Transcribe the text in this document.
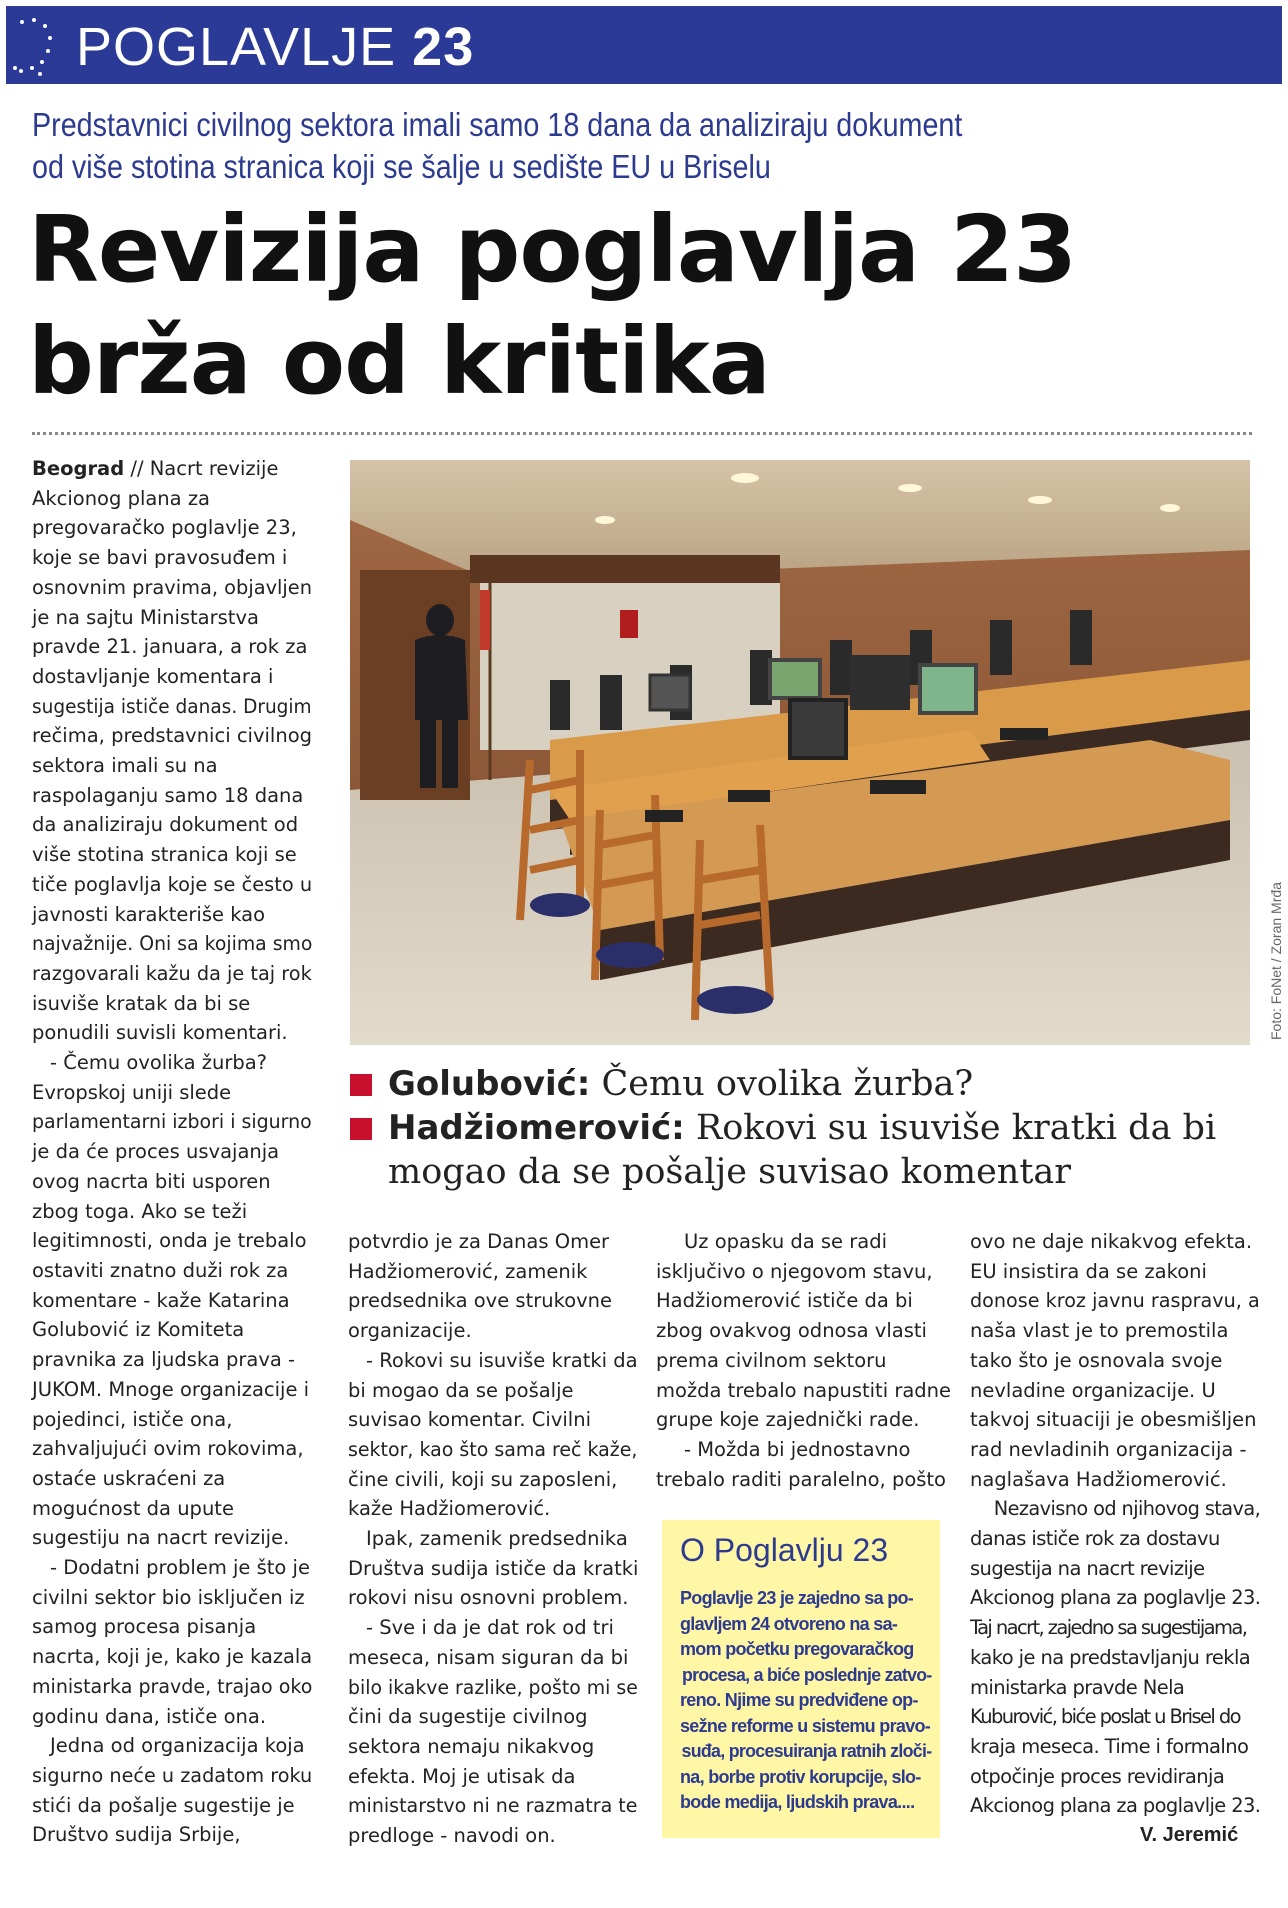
POGLAVLJE 23
Predstavnici civilnog sektora imali samo 18 dana da analiziraju dokument
od više stotina stranica koji se šalje u sedište EU u Briselu
Revizija poglavlja 23
brža od kritika
Beograd // Nacrt revizije
Akcionog plana za
pregovaračko poglavlje 23,
koje se bavi pravosuđem i
osnovnim pravima, objavljen
je na sajtu Ministarstva
pravde 21. januara, a rok za
dostavljanje komentara i
sugestija ističe danas. Drugim
rečima, predstavnici civilnog
sektora imali su na
raspolaganju samo 18 dana
da analiziraju dokument od
više stotina stranica koji se
tiče poglavlja koje se često u
javnosti karakteriše kao
najvažnije. Oni sa kojima smo
razgovarali kažu da je taj rok
isuviše kratak da bi se
ponudili suvisli komentari.
- Čemu ovolika žurba?
Evropskoj uniji slede
parlamentarni izbori i sigurno
je da će proces usvajanja
ovog nacrta biti usporen
zbog toga. Ako se teži
legitimnosti, onda je trebalo
ostaviti znatno duži rok za
komentare - kaže Katarina
Golubović iz Komiteta
pravnika za ljudska prava -
JUKOM. Mnoge organizacije i
pojedinci, ističe ona,
zahvaljujući ovim rokovima,
ostaće uskraćeni za
mogućnost da upute
sugestiju na nacrt revizije.
- Dodatni problem je što je
civilni sektor bio isključen iz
samog procesa pisanja
nacrta, koji je, kako je kazala
ministarka pravde, trajao oko
godinu dana, ističe ona.
Jedna od organizacija koja
sigurno neće u zadatom roku
stići da pošalje sugestije je
Društvo sudija Srbije,
Foto: FoNet / Zoran Mrđa
Golubović: Čemu ovolika žurba?
Hadžiomerović: Rokovi su isuviše kratki da bi
mogao da se pošalje suvisao komentar
potvrdio je za Danas Omer
Hadžiomerović, zamenik
predsednika ove strukovne
organizacije.
- Rokovi su isuviše kratki da
bi mogao da se pošalje
suvisao komentar. Civilni
sektor, kao što sama reč kaže,
čine civili, koji su zaposleni,
kaže Hadžiomerović.
Ipak, zamenik predsednika
Društva sudija ističe da kratki
rokovi nisu osnovni problem.
- Sve i da je dat rok od tri
meseca, nisam siguran da bi
bilo ikakve razlike, pošto mi se
čini da sugestije civilnog
sektora nemaju nikakvog
efekta. Moj je utisak da
ministarstvo ni ne razmatra te
predloge - navodi on.
Uz opasku da se radi
isključivo o njegovom stavu,
Hadžiomerović ističe da bi
zbog ovakvog odnosa vlasti
prema civilnom sektoru
možda trebalo napustiti radne
grupe koje zajednički rade.
- Možda bi jednostavno
trebalo raditi paralelno, pošto
O Poglavlju 23
Poglavlje 23 je zajedno sa po-
glavljem 24 otvoreno na sa-
mom početku pregovaračkog
procesa, a biće poslednje zatvo-
reno. Njime su predviđene op-
sežne reforme u sistemu pravo-
suđa, procesuiranja ratnih zloči-
na, borbe protiv korupcije, slo-
bode medija, ljudskih prava....
ovo ne daje nikakvog efekta.
EU insistira da se zakoni
donose kroz javnu raspravu, a
naša vlast je to premostila
tako što je osnovala svoje
nevladine organizacije. U
takvoj situaciji je obesmišljen
rad nevladinih organizacija -
naglašava Hadžiomerović.
Nezavisno od njihovog stava,
danas ističe rok za dostavu
sugestija na nacrt revizije
Akcionog plana za poglavlje 23.
Taj nacrt, zajedno sa sugestijama,
kako je na predstavljanju rekla
ministarka pravde Nela
Kuburović, biće poslat u Brisel do
kraja meseca. Time i formalno
otpočinje proces revidiranja
Akcionog plana za poglavlje 23.
V. Jeremić
